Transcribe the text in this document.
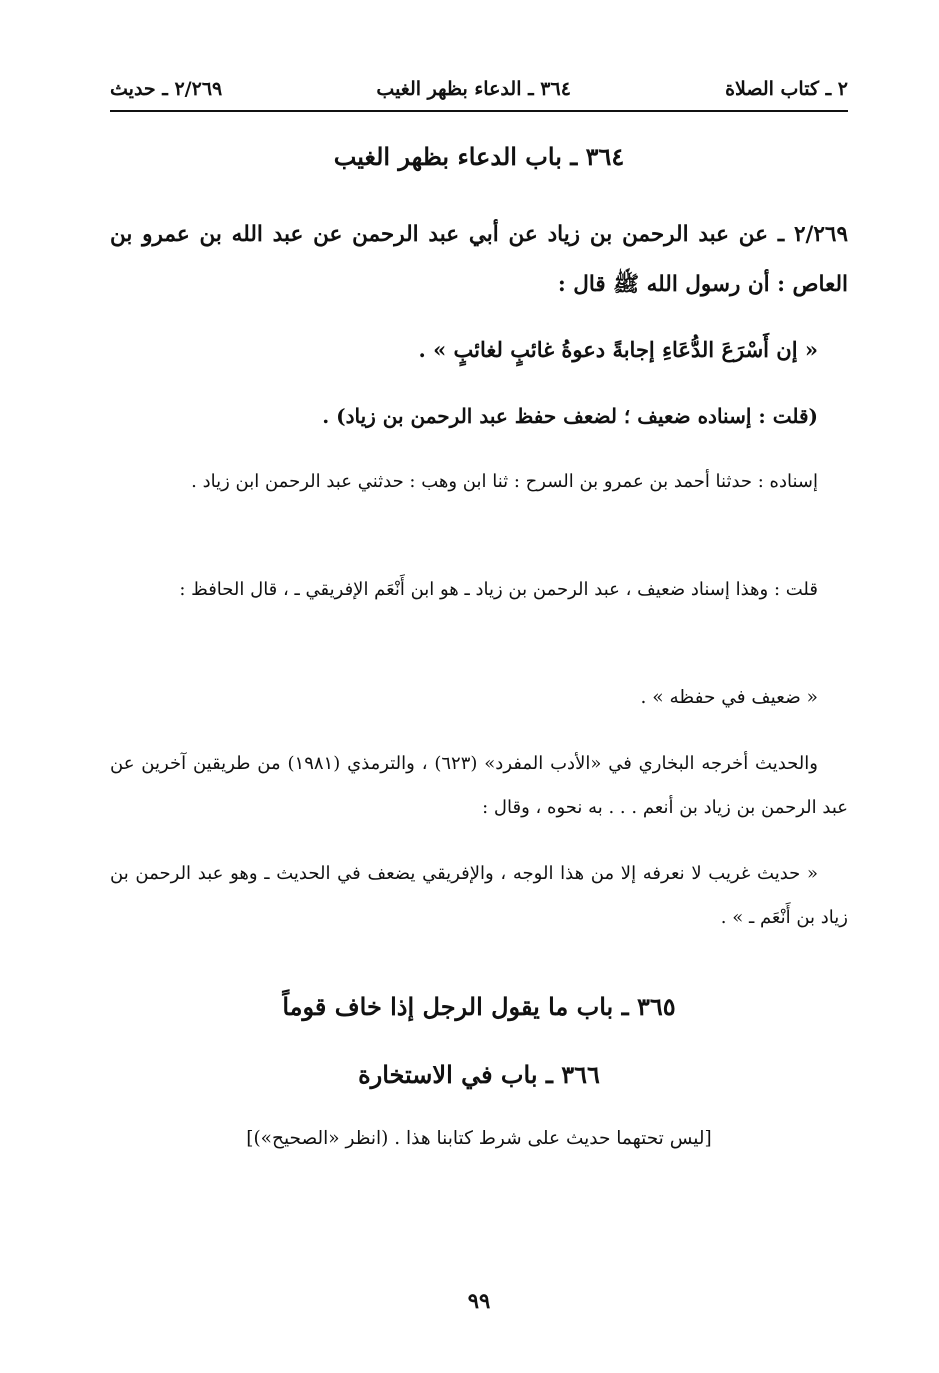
٢ ـ كتاب الصلاة
٣٦٤ ـ الدعاء بظهر الغيب
٢/٢٦٩ ـ حديث
٣٦٤ ـ باب الدعاء بظهر الغيب
٢/٢٦٩ ـ عن عبد الرحمن بن زياد عن أبي عبد الرحمن عن عبد الله بن عمرو بن العاص : أن رسول الله ﷺ قال :
« إن أَسْرَعَ الدُّعَاءِ إجابةً دعوةُ غائبٍ لغائبٍ » .
(قلت : إسناده ضعيف ؛ لضعف حفظ عبد الرحمن بن زياد) .
إسناده : حدثنا أحمد بن عمرو بن السرح : ثنا ابن وهب : حدثني عبد الرحمن ابن زياد .
قلت : وهذا إسناد ضعيف ، عبد الرحمن بن زياد ـ هو ابن أَنْعَم الإفريقي ـ ، قال الحافظ :
« ضعيف في حفظه » .
والحديث أخرجه البخاري في «الأدب المفرد» (٦٢٣) ، والترمذي (١٩٨١) من طريقين آخرين عن عبد الرحمن بن زياد بن أنعم . . . به نحوه ، وقال :
« حديث غريب لا نعرفه إلا من هذا الوجه ، والإفريقي يضعف في الحديث ـ وهو عبد الرحمن بن زياد بن أَنْعَم ـ » .
٣٦٥ ـ باب ما يقول الرجل إذا خاف قوماً
٣٦٦ ـ باب في الاستخارة
[ليس تحتهما حديث على شرط كتابنا هذا . (انظر «الصحيح»)]
٩٩
